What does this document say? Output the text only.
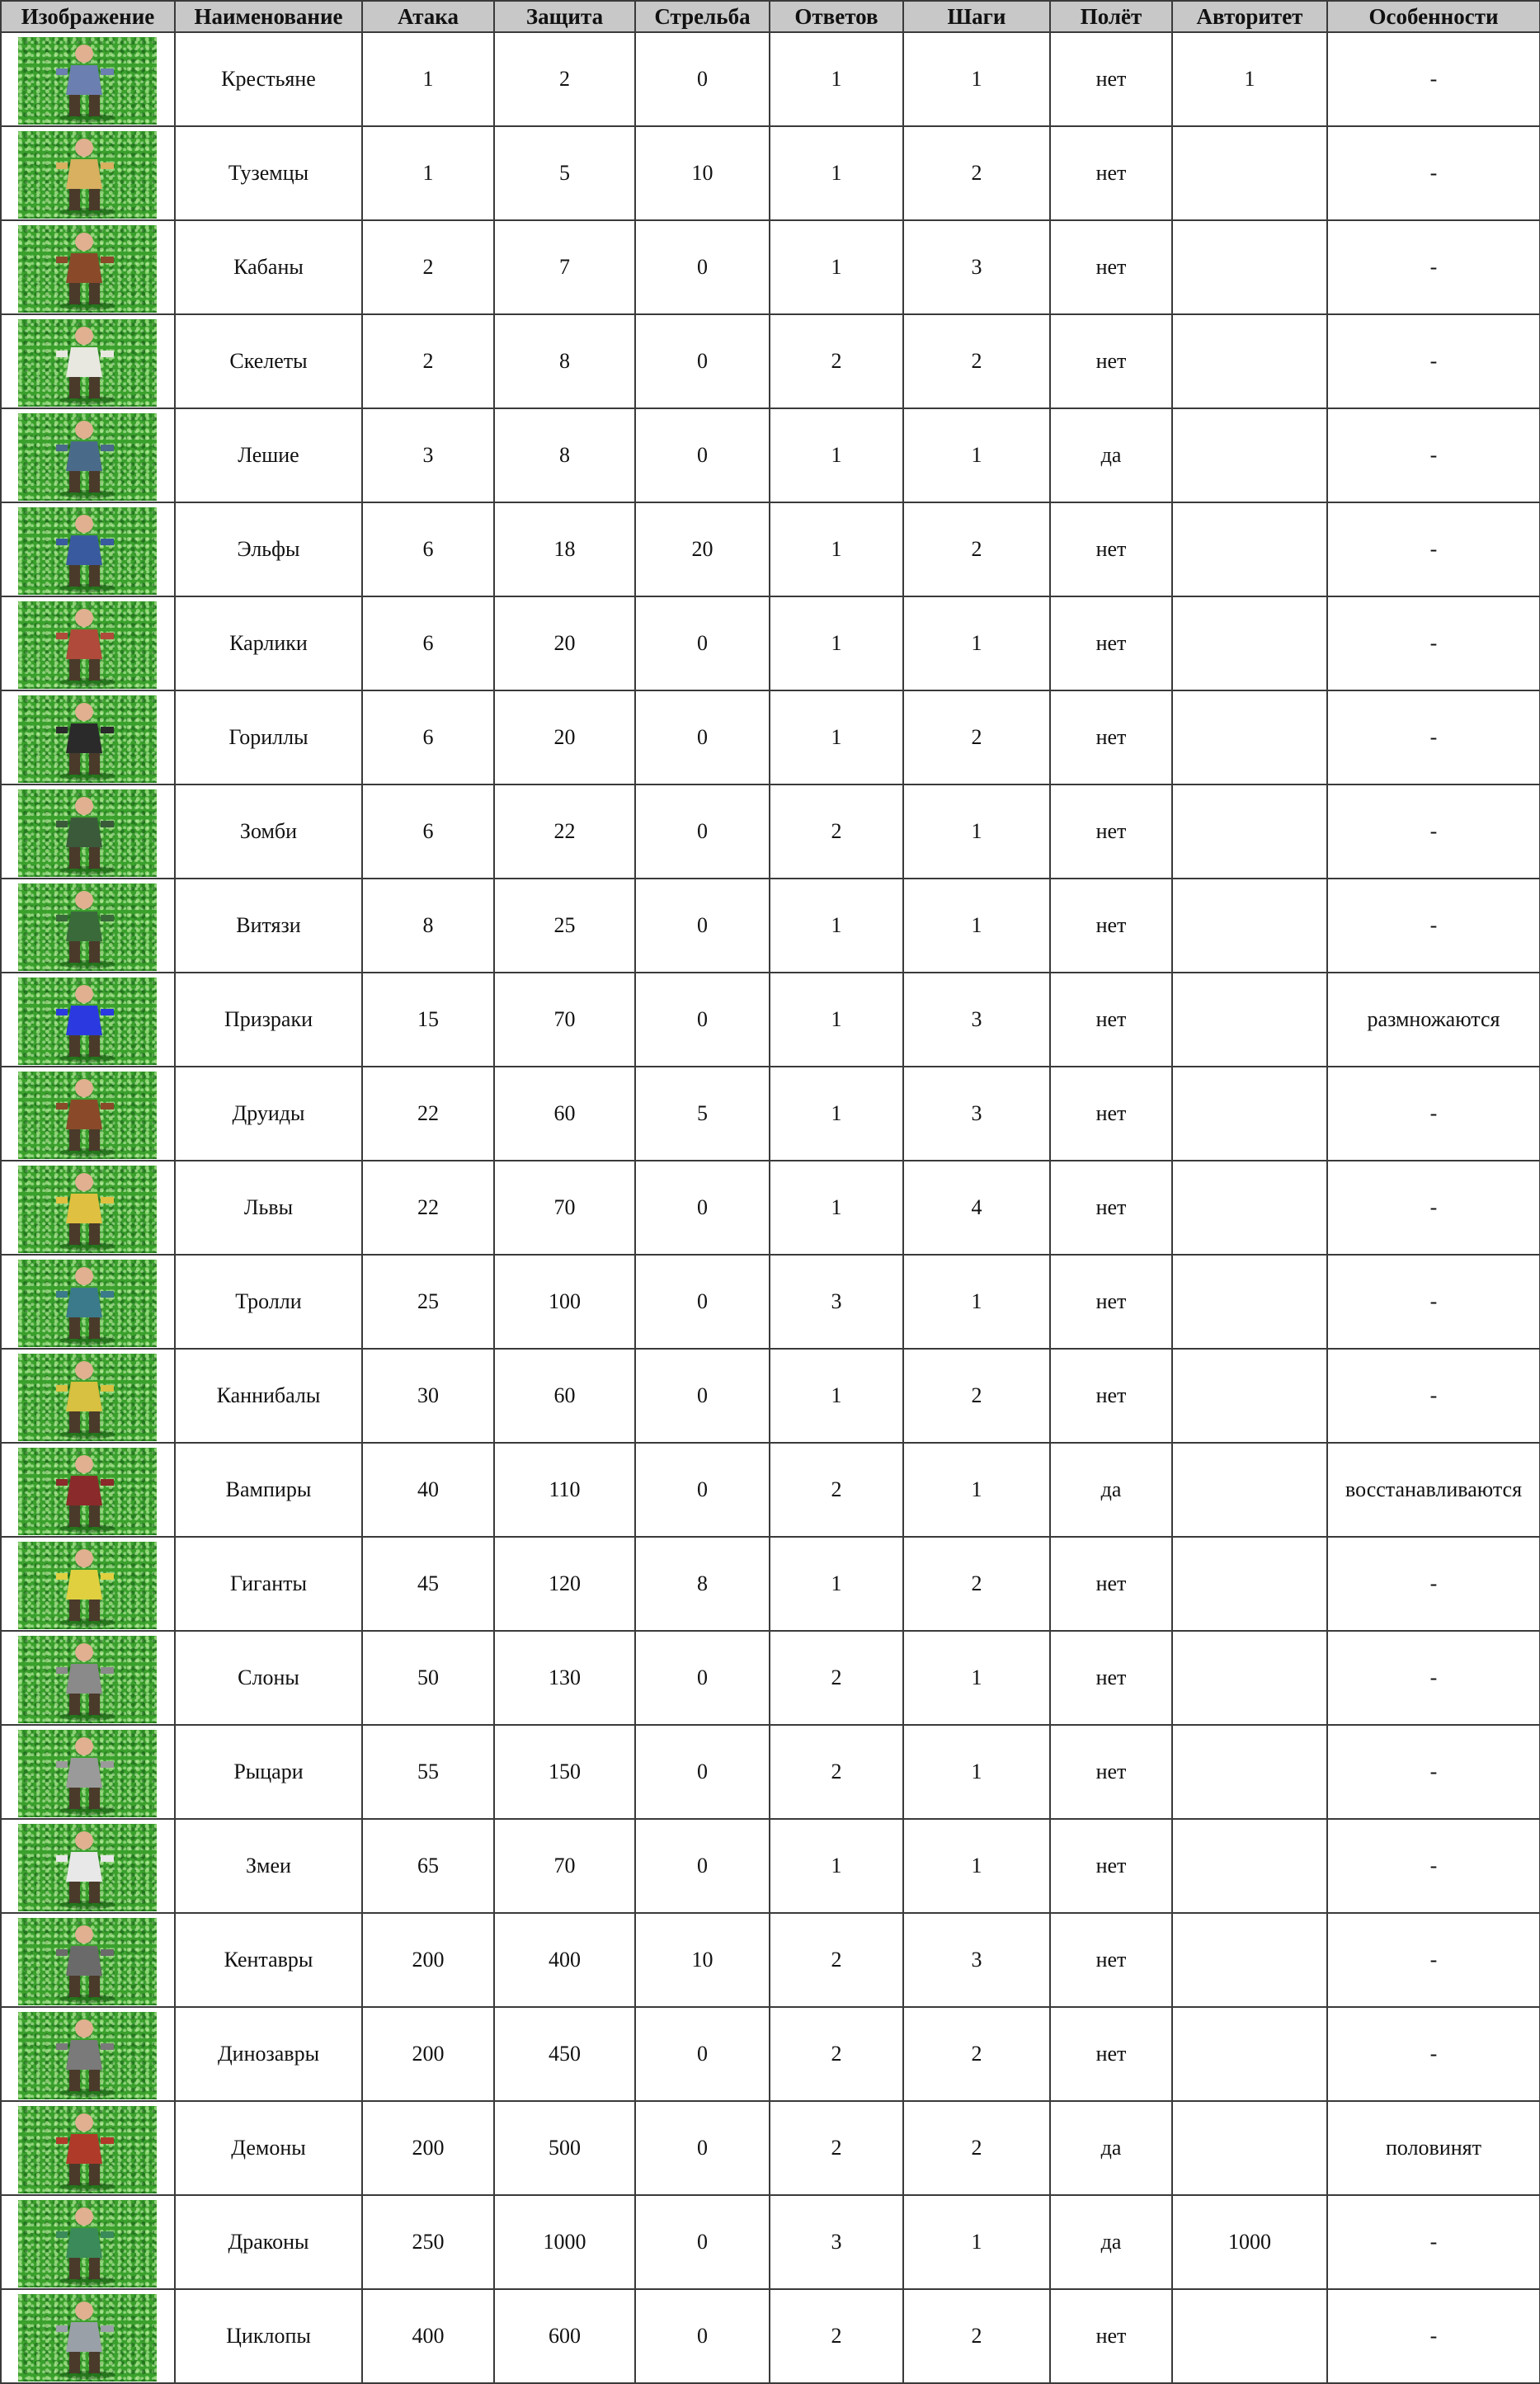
Изображение	Наименование	Атака	Защита	Стрельба	Ответов	Шаги	Полёт	Авторитет	Особенности

	Крестьяне	1	2	0	1	1	нет	1	-

	Туземцы	1	5	10	1	2	нет		-

	Кабаны	2	7	0	1	3	нет		-

	Скелеты	2	8	0	2	2	нет		-

	Лешие	3	8	0	1	1	да		-

	Эльфы	6	18	20	1	2	нет		-

	Карлики	6	20	0	1	1	нет		-

	Гориллы	6	20	0	1	2	нет		-

	Зомби	6	22	0	2	1	нет		-

	Витязи	8	25	0	1	1	нет		-

	Призраки	15	70	0	1	3	нет		размножаются

	Друиды	22	60	5	1	3	нет		-

	Львы	22	70	0	1	4	нет		-

	Тролли	25	100	0	3	1	нет		-

	Каннибалы	30	60	0	1	2	нет		-

	Вампиры	40	110	0	2	1	да		восстанавливаются

	Гиганты	45	120	8	1	2	нет		-

	Слоны	50	130	0	2	1	нет		-

	Рыцари	55	150	0	2	1	нет		-

	Змеи	65	70	0	1	1	нет		-

	Кентавры	200	400	10	2	3	нет		-

	Динозавры	200	450	0	2	2	нет		-

	Демоны	200	500	0	2	2	да		половинят

	Драконы	250	1000	0	3	1	да	1000	-

	Циклопы	400	600	0	2	2	нет		-
